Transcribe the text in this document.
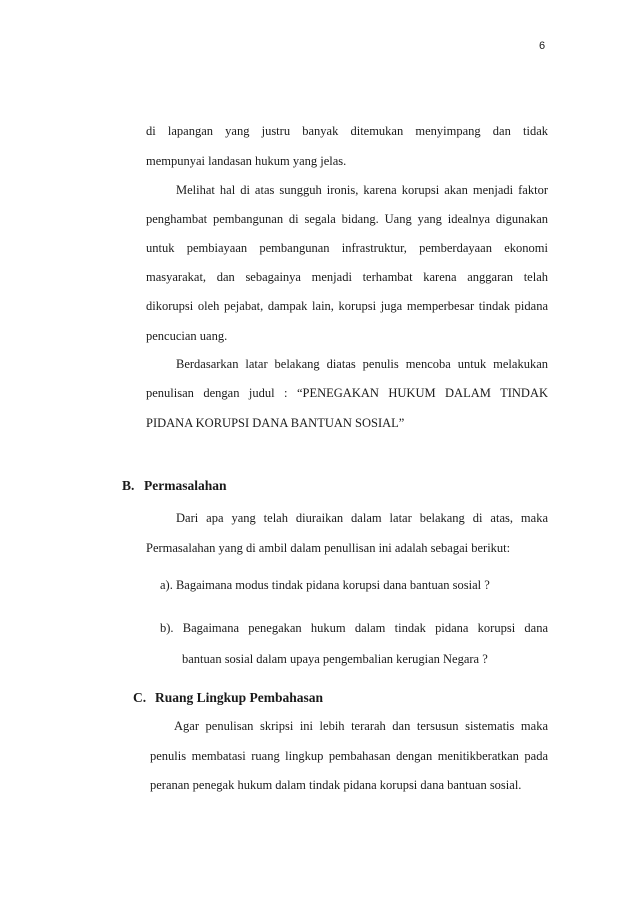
6
di lapangan yang justru banyak ditemukan menyimpang dan tidak
mempunyai landasan hukum yang jelas.
Melihat hal di atas sungguh ironis, karena korupsi akan menjadi faktor
penghambat pembangunan di segala bidang. Uang yang idealnya digunakan
untuk pembiayaan pembangunan infrastruktur, pemberdayaan ekonomi
masyarakat, dan sebagainya menjadi terhambat karena anggaran telah
dikorupsi oleh pejabat, dampak lain, korupsi juga memperbesar tindak pidana
pencucian uang.
Berdasarkan latar belakang diatas penulis mencoba untuk melakukan
penulisan dengan judul : “PENEGAKAN HUKUM DALAM TINDAK
PIDANA KORUPSI DANA BANTUAN SOSIAL”
B. Permasalahan
Dari apa yang telah diuraikan dalam latar belakang di atas, maka
Permasalahan yang di ambil dalam penullisan ini adalah sebagai berikut:
a). Bagaimana modus tindak pidana korupsi dana bantuan sosial ?
b). Bagaimana penegakan hukum dalam tindak pidana korupsi dana
bantuan sosial dalam upaya pengembalian kerugian Negara ?
C. Ruang Lingkup Pembahasan
Agar penulisan skripsi ini lebih terarah dan tersusun sistematis maka
penulis membatasi ruang lingkup pembahasan dengan menitikberatkan pada
peranan penegak hukum dalam tindak pidana korupsi dana bantuan sosial.
